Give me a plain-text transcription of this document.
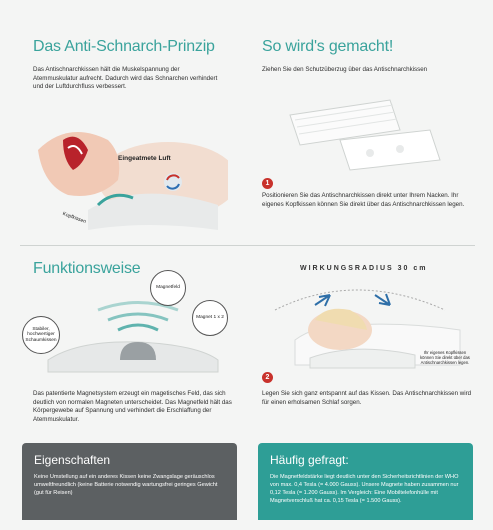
Das Anti-Schnarch-Prinzip
Das Antischnarchkissen hält die Muskelspannung der Atemmuskulatur aufrecht. Dadurch wird das Schnarchen verhindert und der Luftdurchfluss verbessert.
Eingeatmete Luft
Kopfkissen
So wird's gemacht!
Ziehen Sie den Schutzüberzug über das Antischnarchkissen
1
Positionieren Sie das Antischnarchkissen direkt unter Ihrem Nacken. Ihr eigenes Kopfkissen können Sie direkt über das Antischnarchkissen legen.
Funktionsweise
Magnetfeld
Magnet 1 x 2
Stabiler, hochwertiger Schaumkissen
Das patentierte Magnetsystem erzeugt ein magetisches Feld, das sich deutlich von normalen Magneten unterscheidet. Das Magnetfeld hält das Körpergewebe auf Spannung und verhindert die Erschlaffung der Atemmuskulatur.
WIRKUNGSRADIUS 30 cm
Ihr eigenes Kopfkissen können Sie direkt über das Antischnarchkissen legen.
2
Legen Sie sich ganz entspannt auf das Kissen. Das Antischnarchkissen wird für einen erholsamen Schlaf sorgen.
Eigenschaften

Keine Umstellung auf ein anderes Kissen keine Zwangslage geräuschlos umweltfreundlich (keine Batterie notwendig wartungsfrei geringes Gewicht (gut für Reisen)

Häufig gefragt:

Die Magnetfeldstärke liegt deutlich unter den Sicherheitsrichtlinien der WHO von max. 0,4 Tesla (= 4.000 Gauss). Unsere Magnete haben zusammen nur 0,12 Tesla (= 1.200 Gauss). Im Vergleich: Eine Mobiltelefonhülle mit Magnetverschluß hat ca. 0,15 Tesla (= 1.500 Gauss).
